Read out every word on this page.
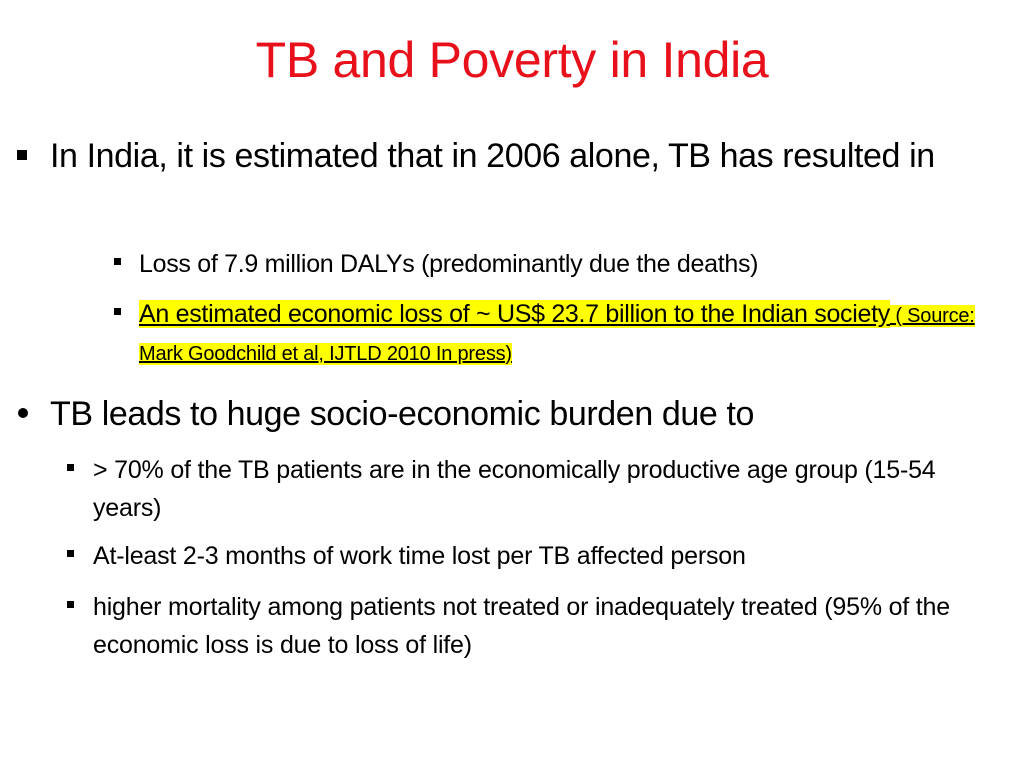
TB and Poverty in India
In India, it is estimated that in 2006 alone, TB has resulted in
Loss of 7.9 million DALYs (predominantly due the deaths)
An estimated economic loss of ~ US$ 23.7 billion to the Indian society ( Source: Mark Goodchild et al, IJTLD 2010 In press)
TB leads to huge socio-economic burden due to
> 70% of the TB patients are in the economically productive age group (15-54 years)
At-least 2-3 months of work time lost per TB affected person
higher mortality among patients not treated or inadequately treated (95% of the economic loss is due to loss of life)
